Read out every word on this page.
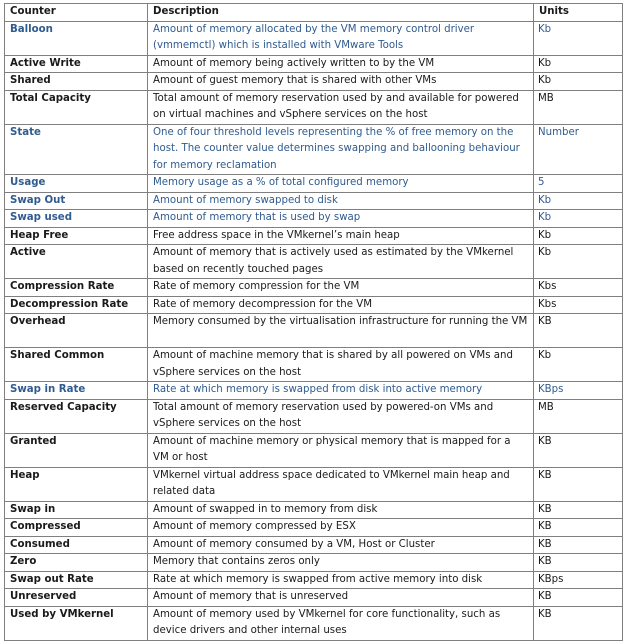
Counter	Description	Units
Balloon	Amount of memory allocated by the VM memory control driver (vmmemctl) which is installed with VMware Tools	Kb
Active Write	Amount of memory being actively written to by the VM	Kb
Shared	Amount of guest memory that is shared with other VMs	Kb
Total Capacity	Total amount of memory reservation used by and available for powered on virtual machines and vSphere services on the host	MB
State	One of four threshold levels representing the % of free memory on the host. The counter value determines swapping and ballooning behaviour for memory reclamation	Number
Usage	Memory usage as a % of total configured memory	5
Swap Out	Amount of memory swapped to disk	Kb
Swap used	Amount of memory that is used by swap	Kb
Heap Free	Free address space in the VMkernel’s main heap	Kb
Active	Amount of memory that is actively used as estimated by the VMkernel based on recently touched pages	Kb
Compression Rate	Rate of memory compression for the VM	Kbs
Decompression Rate	Rate of memory decompression for the VM	Kbs
Overhead	Memory consumed by the virtualisation infrastructure for running the VM	KB
Shared Common	Amount of machine memory that is shared by all powered on VMs and vSphere services on the host	Kb
Swap in Rate	Rate at which memory is swapped from disk into active memory	KBps
Reserved Capacity	Total amount of memory reservation used by powered-on VMs and vSphere services on the host	MB
Granted	Amount of machine memory or physical memory that is mapped for a VM or host	KB
Heap	VMkernel virtual address space dedicated to VMkernel main heap and related data	KB
Swap in	Amount of swapped in to memory from disk	KB
Compressed	Amount of memory compressed by ESX	KB
Consumed	Amount of memory consumed by a VM, Host or Cluster	KB
Zero	Memory that contains zeros only	KB
Swap out Rate	Rate at which memory is swapped from active memory into disk	KBps
Unreserved	Amount of memory that is unreserved	KB
Used by VMkernel	Amount of memory used by VMkernel for core functionality, such as device drivers and other internal uses	KB
